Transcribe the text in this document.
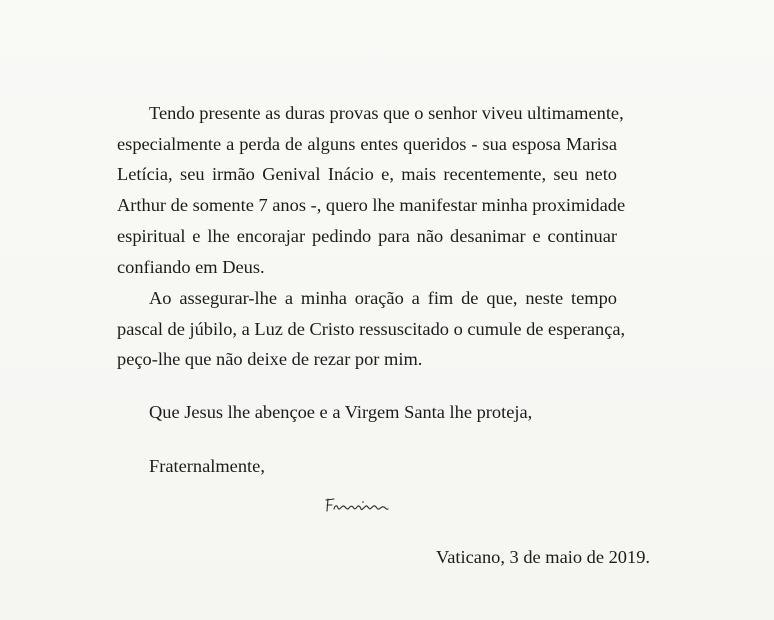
Tendo presente as duras provas que o senhor viveu ultimamente,
especialmente a perda de alguns entes queridos - sua esposa Marisa
Letícia, seu irmão Genival Inácio e, mais recentemente, seu neto
Arthur de somente 7 anos -, quero lhe manifestar minha proximidade
espiritual e lhe encorajar pedindo para não desanimar e continuar
confiando em Deus.

Ao assegurar-lhe a minha oração a fim de que, neste tempo
pascal de júbilo, a Luz de Cristo ressuscitado o cumule de esperança,
peço-lhe que não deixe de rezar por mim.

Que Jesus lhe abençoe e a Virgem Santa lhe proteja,
Fraternalmente,
Vaticano, 3 de maio de 2019.
